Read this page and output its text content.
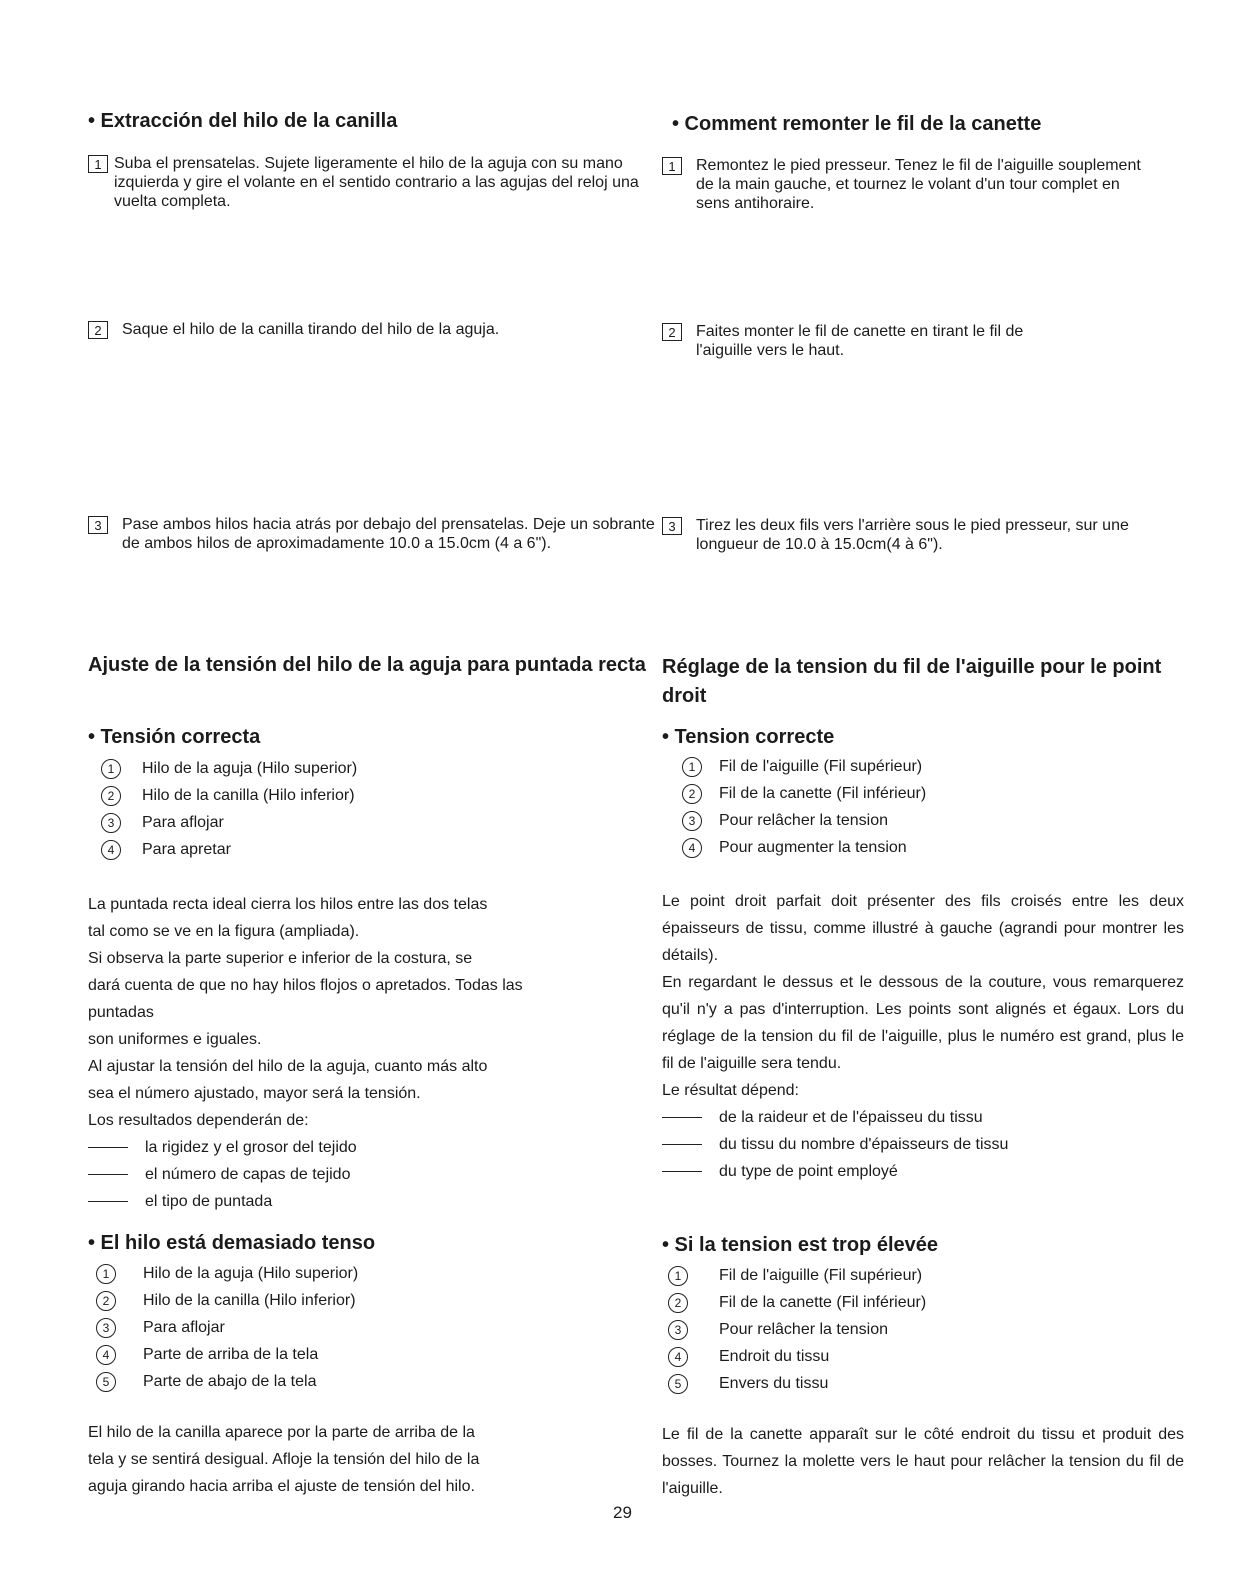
• Extracción del hilo de la canilla
1 Suba el prensatelas. Sujete ligeramente el hilo de la aguja con su mano izquierda y gire el volante en el sentido contrario a las agujas del reloj una vuelta completa.
2	Saque el hilo de la canilla tirando del hilo de la aguja.
3	Pase ambos hilos hacia atrás por debajo del prensatelas. Deje un sobrante de ambos hilos de aproximadamente 10.0 a 15.0cm (4 a 6").
Ajuste de la tensión del hilo de la aguja para puntada recta
• Tensión correcta
1	Hilo de la aguja (Hilo superior)
2	Hilo de la canilla (Hilo inferior)
3	Para aflojar
4	Para apretar

La puntada recta ideal cierra los hilos entre las dos telas

tal como se ve en la figura (ampliada).

Si observa la parte superior e inferior de la costura, se

dará cuenta de que no hay hilos flojos o apretados. Todas las

puntadas

son uniformes e iguales.

Al ajustar la tensión del hilo de la aguja, cuanto más alto

sea el número ajustado, mayor será la tensión.

Los resultados dependerán de:

la rigidez y el grosor del tejido
el número de capas de tejido
el tipo de puntada
• El hilo está demasiado tenso
1	Hilo de la aguja (Hilo superior)
2	Hilo de la canilla (Hilo inferior)
3	Para aflojar
4	Parte de arriba de la tela
5	Parte de abajo de la tela

El hilo de la canilla aparece por la parte de arriba de la

tela y se sentirá desigual. Afloje la tensión del hilo de la

aguja girando hacia arriba el ajuste de tensión del hilo.

• Comment remonter le fil de la canette
1	Remontez le pied presseur. Tenez le fil de l'aiguille souplement de la main gauche, et tournez le volant d'un tour complet en sens antihoraire.
2	Faites monter le fil de canette en tirant le fil de l'aiguille vers le haut.
3	Tirez les deux fils vers l'arrière sous le pied presseur, sur une longueur de 10.0 à 15.0cm(4 à 6").
Réglage de la tension du fil de l'aiguille pour le point droit
• Tension correcte
1	Fil de l'aiguille (Fil supérieur)
2	Fil de la canette (Fil inférieur)
3	Pour relâcher la tension
4	Pour augmenter la tension

Le point droit parfait doit présenter des fils croisés entre les deux épaisseurs de tissu, comme illustré à gauche (agrandi pour montrer les détails).

En regardant le dessus et le dessous de la couture, vous remarquerez qu'il n'y a pas d'interruption. Les points sont alignés et égaux. Lors du réglage de la tension du fil de l'aiguille, plus le numéro est grand, plus le fil de l'aiguille sera tendu.

Le résultat dépend:

de la raideur et de l'épaisseu du tissu
du tissu du nombre d'épaisseurs de tissu
du type de point employé
• Si la tension est trop élevée
1	Fil de l'aiguille (Fil supérieur)
2	Fil de la canette (Fil inférieur)
3	Pour relâcher la tension
4	Endroit du tissu
5	Envers du tissu

Le fil de la canette apparaît sur le côté endroit du tissu et produit des bosses. Tournez la molette vers le haut pour relâcher la tension du fil de l'aiguille.

29
